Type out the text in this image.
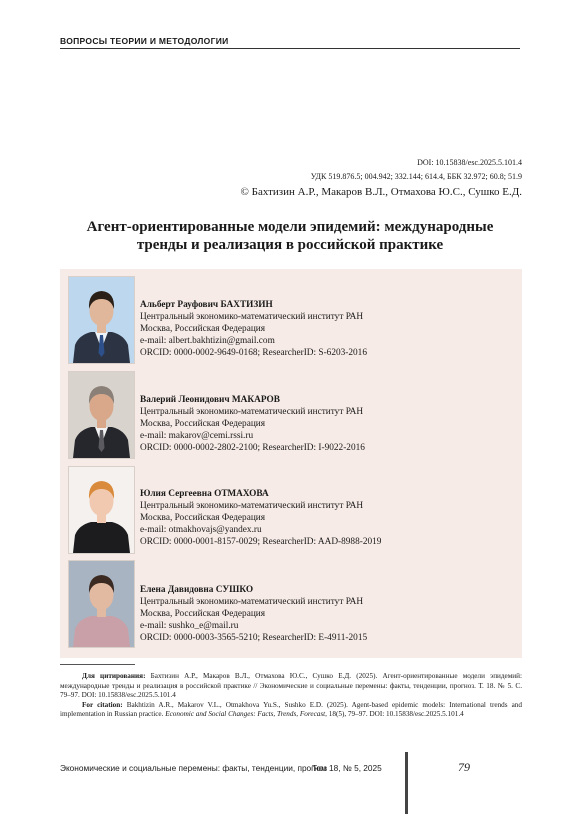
ВОПРОСЫ ТЕОРИИ И МЕТОДОЛОГИИ
DOI: 10.15838/esc.2025.5.101.4
УДК 519.876.5; 004.942; 332.144; 614.4, ББК 32.972; 60.8; 51.9
© Бахтизин А.Р., Макаров В.Л., Отмахова Ю.С., Сушко Е.Д.
Агент-ориентированные модели эпидемий: международные
тренды и реализация в российской практике
Альберт Рауфович БАХТИЗИН
Центральный экономико-математический институт РАН
Москва, Российская Федерация
e-mail: albert.bakhtizin@gmail.com
ORCID: 0000-0002-9649-0168; ResearcherID: S-6203-2016
Валерий Леонидович МАКАРОВ
Центральный экономико-математический институт РАН
Москва, Российская Федерация
e-mail: makarov@cemi.rssi.ru
ORCID: 0000-0002-2802-2100; ResearcherID: I-9022-2016
Юлия Сергеевна ОТМАХОВА
Центральный экономико-математический институт РАН
Москва, Российская Федерация
e-mail: otmakhovajs@yandex.ru
ORCID: 0000-0001-8157-0029; ResearcherID: AAD-8988-2019
Елена Давидовна СУШКО
Центральный экономико-математический институт РАН
Москва, Российская Федерация
e-mail: sushko_e@mail.ru
ORCID: 0000-0003-3565-5210; ResearcherID: E-4911-2015

Для цитирования: Бахтизин А.Р., Макаров В.Л., Отмахова Ю.С., Сушко Е.Д. (2025). Агент-ориентированные модели эпидемий: международные тренды и реализация в российской практике // Экономические и социальные перемены: факты, тенденции, прогноз. Т. 18. № 5. С. 79–97. DOI: 10.15838/esc.2025.5.101.4

For citation: Bakhtizin A.R., Makarov V.L., Otmakhova Yu.S., Sushko E.D. (2025). Agent-based epidemic models: International trends and implementation in Russian practice. Economic and Social Changes: Facts, Trends, Forecast, 18(5), 79–97. DOI: 10.15838/esc.2025.5.101.4

Экономические и социальные перемены: факты, тенденции, прогноз
Том 18, № 5, 2025	79
